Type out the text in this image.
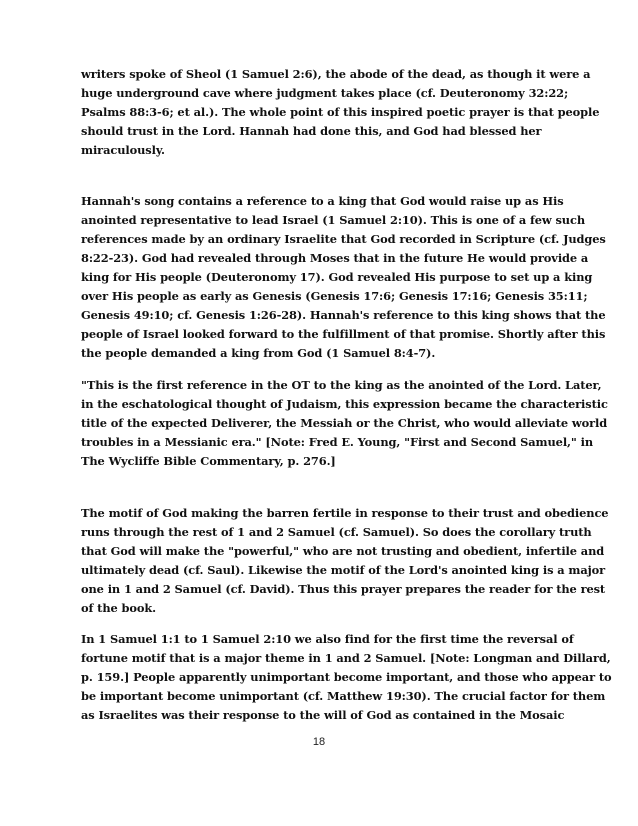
writers spoke of Sheol (1 Samuel 2:6), the abode of the dead, as though it were a
huge underground cave where judgment takes place (cf. Deuteronomy 32:22;
Psalms 88:3-6; et al.). The whole point of this inspired poetic prayer is that people
should trust in the Lord. Hannah had done this, and God had blessed her
miraculously.

Hannah's song contains a reference to a king that God would raise up as His
anointed representative to lead Israel (1 Samuel 2:10). This is one of a few such
references made by an ordinary Israelite that God recorded in Scripture (cf. Judges
8:22-23). God had revealed through Moses that in the future He would provide a
king for His people (Deuteronomy 17). God revealed His purpose to set up a king
over His people as early as Genesis (Genesis 17:6; Genesis 17:16; Genesis 35:11;
Genesis 49:10; cf. Genesis 1:26-28). Hannah's reference to this king shows that the
people of Israel looked forward to the fulfillment of that promise. Shortly after this
the people demanded a king from God (1 Samuel 8:4-7).

"This is the first reference in the OT to the king as the anointed of the Lord. Later,
in the eschatological thought of Judaism, this expression became the characteristic
title of the expected Deliverer, the Messiah or the Christ, who would alleviate world
troubles in a Messianic era." [Note: Fred E. Young, "First and Second Samuel," in
The Wycliffe Bible Commentary, p. 276.]

The motif of God making the barren fertile in response to their trust and obedience
runs through the rest of 1 and 2 Samuel (cf. Samuel). So does the corollary truth
that God will make the "powerful," who are not trusting and obedient, infertile and
ultimately dead (cf. Saul). Likewise the motif of the Lord's anointed king is a major
one in 1 and 2 Samuel (cf. David). Thus this prayer prepares the reader for the rest
of the book.

In 1 Samuel 1:1 to 1 Samuel 2:10 we also find for the first time the reversal of
fortune motif that is a major theme in 1 and 2 Samuel. [Note: Longman and Dillard,
p. 159.] People apparently unimportant become important, and those who appear to
be important become unimportant (cf. Matthew 19:30). The crucial factor for them
as Israelites was their response to the will of God as contained in the Mosaic

18
